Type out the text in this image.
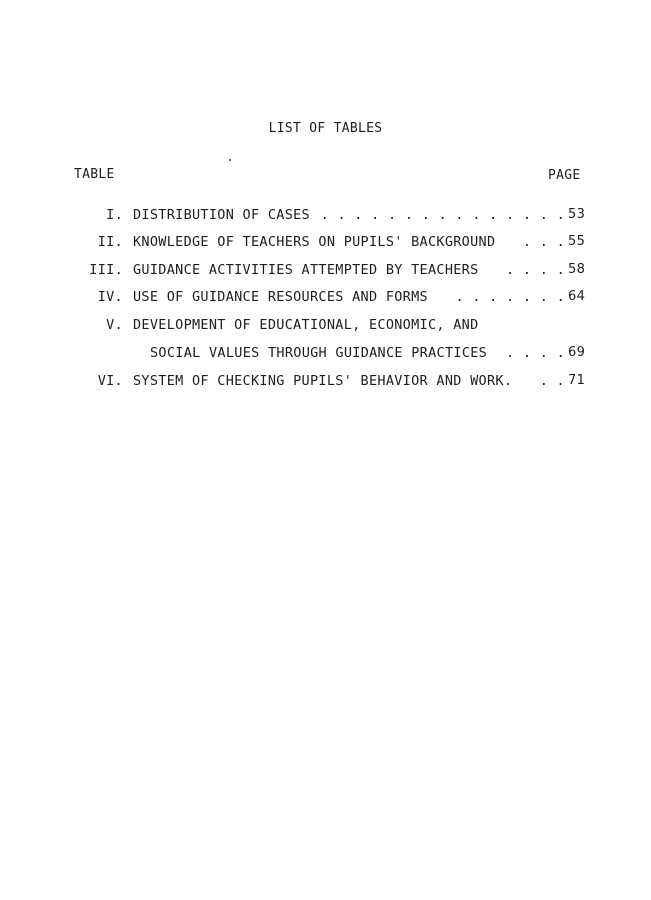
LIST OF TABLES
TABLE	PAGE
I. DISTRIBUTION OF CASES . . . . . . . . . . . . . . . 53
II. KNOWLEDGE OF TEACHERS ON PUPILS' BACKGROUND . . . 55
III. GUIDANCE ACTIVITIES ATTEMPTED BY TEACHERS . . . . 58
IV. USE OF GUIDANCE RESOURCES AND FORMS . . . . . . . 64
V. DEVELOPMENT OF EDUCATIONAL, ECONOMIC, AND
SOCIAL VALUES THROUGH GUIDANCE PRACTICES . . . . 69
VI. SYSTEM OF CHECKING PUPILS' BEHAVIOR AND WORK. . . 71
